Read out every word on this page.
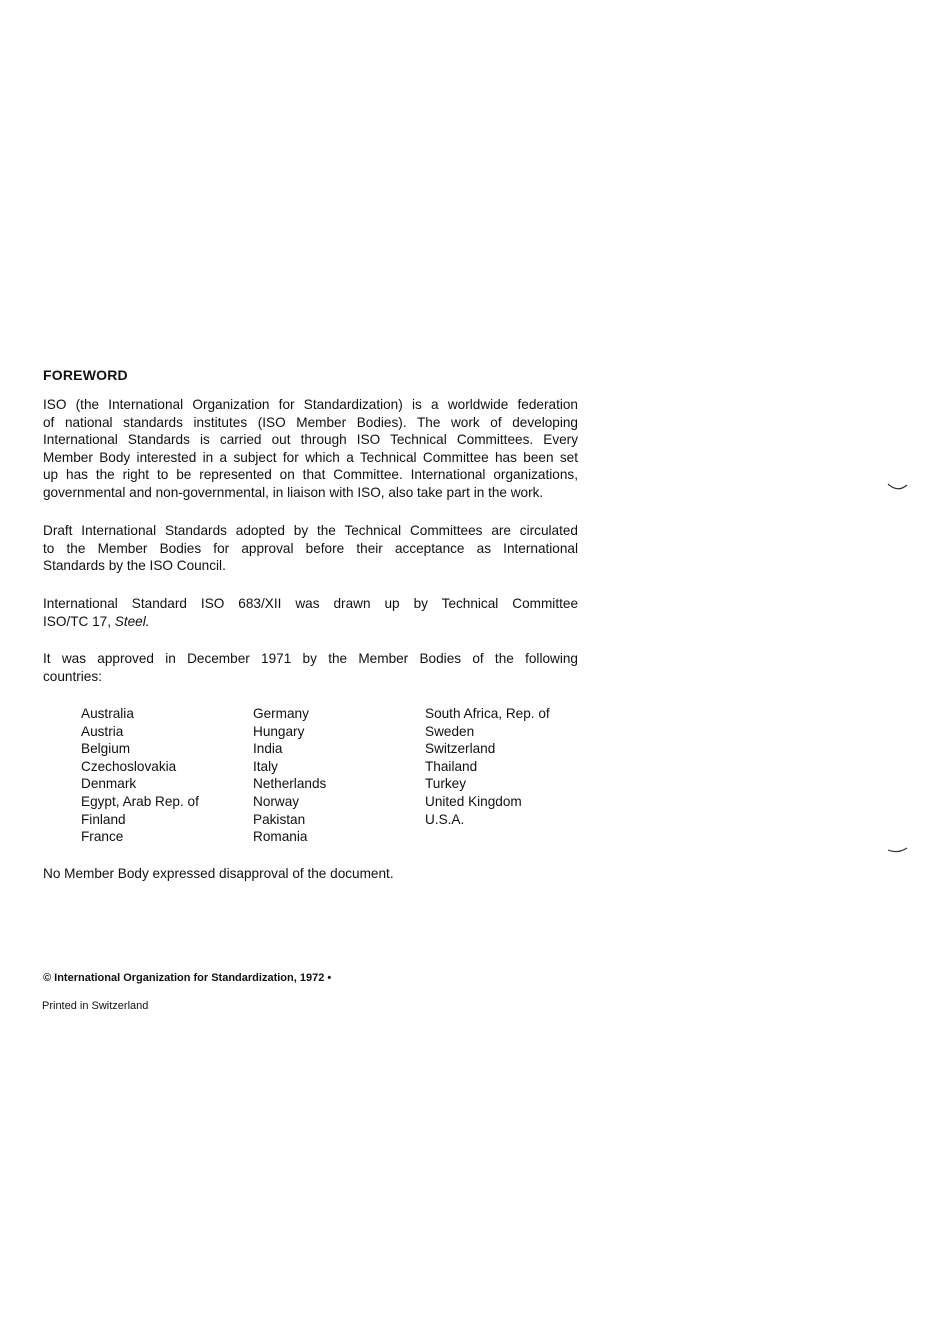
FOREWORD
ISO (the International Organization for Standardization) is a worldwide federation
of national standards institutes (ISO Member Bodies). The work of developing
International Standards is carried out through ISO Technical Committees. Every
Member Body interested in a subject for which a Technical Committee has been set
up has the right to be represented on that Committee. International organizations,
governmental and non-governmental, in liaison with ISO, also take part in the work.
Draft International Standards adopted by the Technical Committees are circulated
to the Member Bodies for approval before their acceptance as International
Standards by the ISO Council.
International Standard ISO 683/XII was drawn up by Technical Committee
ISO/TC 17, Steel.
It was approved in December 1971 by the Member Bodies of the following
countries:
Australia
Austria
Belgium
Czechoslovakia
Denmark
Egypt, Arab Rep. of
Finland
France
Germany
Hungary
India
Italy
Netherlands
Norway
Pakistan
Romania
South Africa, Rep. of
Sweden
Switzerland
Thailand
Turkey
United Kingdom
U.S.A.
No Member Body expressed disapproval of the document.
© International Organization for Standardization, 1972 •
Printed in Switzerland
